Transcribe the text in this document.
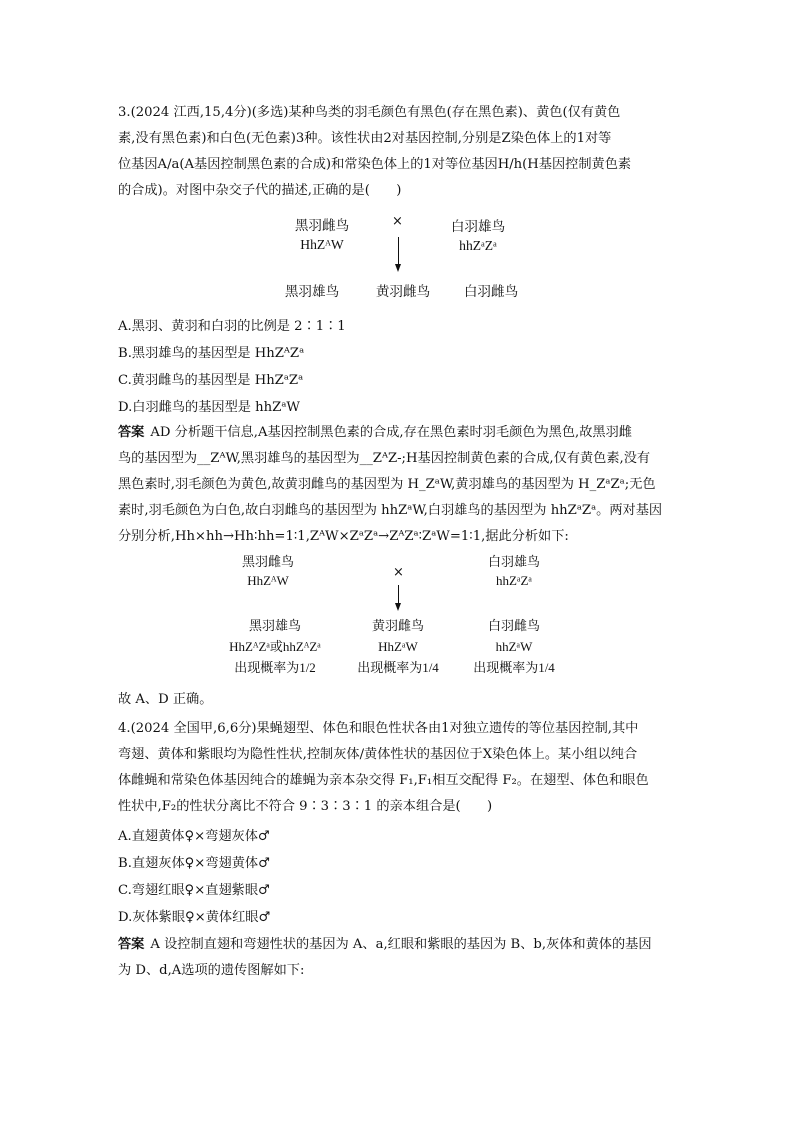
3.(2024 江西,15,4分)(多选)某种鸟类的羽毛颜色有黑色(存在黑色素)、黄色(仅有黄色
素,没有黑色素)和白色(无色素)3种。该性状由2对基因控制,分别是Z染色体上的1对等
位基因A/a(A基因控制黑色素的合成)和常染色体上的1对等位基因H/h(H基因控制黄色素
的合成)。对图中杂交子代的描述,正确的是(　　)
黑羽雌鸟
HhZᴬW
×	白羽雄鸟
hhZᵃZᵃ
黑羽雄鸟	黄羽雌鸟	白羽雌鸟
A.黑羽、黄羽和白羽的比例是 2∶1∶1
B.黑羽雄鸟的基因型是 HhZᴬZᵃ
C.黄羽雌鸟的基因型是 HhZᵃZᵃ
D.白羽雌鸟的基因型是 hhZᵃW
答案 AD 分析题干信息,A基因控制黑色素的合成,存在黑色素时羽毛颜色为黑色,故黑羽雌
鸟的基因型为__ZᴬW,黑羽雄鸟的基因型为__ZᴬZ-;H基因控制黄色素的合成,仅有黄色素,没有
黑色素时,羽毛颜色为黄色,故黄羽雌鸟的基因型为 H_ZᵃW,黄羽雄鸟的基因型为 H_ZᵃZᵃ;无色
素时,羽毛颜色为白色,故白羽雌鸟的基因型为 hhZᵃW,白羽雄鸟的基因型为 hhZᵃZᵃ。两对基因
分别分析,Hh×hh→Hh∶hh=1∶1,ZᴬW×ZᵃZᵃ→ZᴬZᵃ∶ZᵃW=1∶1,据此分析如下:
黑羽雌鸟
HhZᴬW
×
白羽雄鸟
hhZᵃZᵃ
黑羽雄鸟
HhZᴬZᵃ或hhZᴬZᵃ
出现概率为1/2
黄羽雌鸟
HhZᵃW
出现概率为1/4
白羽雌鸟
hhZᵃW
出现概率为1/4
故 A、D 正确。
4.(2024 全国甲,6,6分)果蝇翅型、体色和眼色性状各由1对独立遗传的等位基因控制,其中
弯翅、黄体和紫眼均为隐性性状,控制灰体/黄体性状的基因位于X染色体上。某小组以纯合
体雌蝇和常染色体基因纯合的雄蝇为亲本杂交得 F₁,F₁相互交配得 F₂。在翅型、体色和眼色
性状中,F₂的性状分离比不符合 9∶3∶3∶1 的亲本组合是(　　)
A.直翅黄体♀×弯翅灰体♂
B.直翅灰体♀×弯翅黄体♂
C.弯翅红眼♀×直翅紫眼♂
D.灰体紫眼♀×黄体红眼♂
答案 A 设控制直翅和弯翅性状的基因为 A、a,红眼和紫眼的基因为 B、b,灰体和黄体的基因
为 D、d,A选项的遗传图解如下:
